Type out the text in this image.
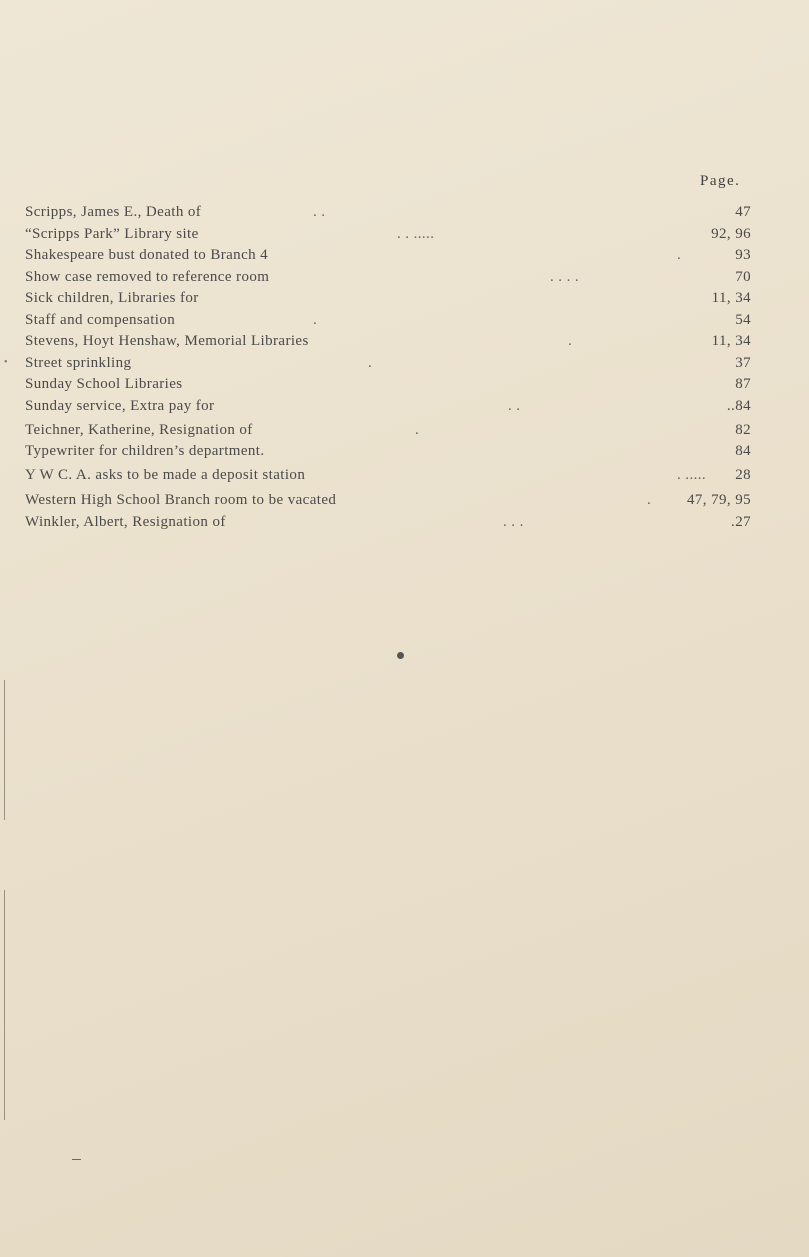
Page.
Scripps, James E., Death of	. .	47
“Scripps Park” Library site	. . .....	92, 96
Shakespeare bust donated to Branch 4	.	93
Show case removed to reference room	. . . .	70
Sick children, Libraries for	11, 34
Staff and compensation	.	54
Stevens, Hoyt Henshaw, Memorial Libraries	.	11, 34
Street sprinkling	.	37
Sunday School Libraries	87
Sunday service, Extra pay for	. .	..84
Teichner, Katherine, Resignation of	.	82
Typewriter for children’s department.	84
Y W C. A. asks to be made a deposit station	. ..... 28
Western High School Branch room to be vacated	. 47, 79, 95
Winkler, Albert, Resignation of	. . .	.27
•
